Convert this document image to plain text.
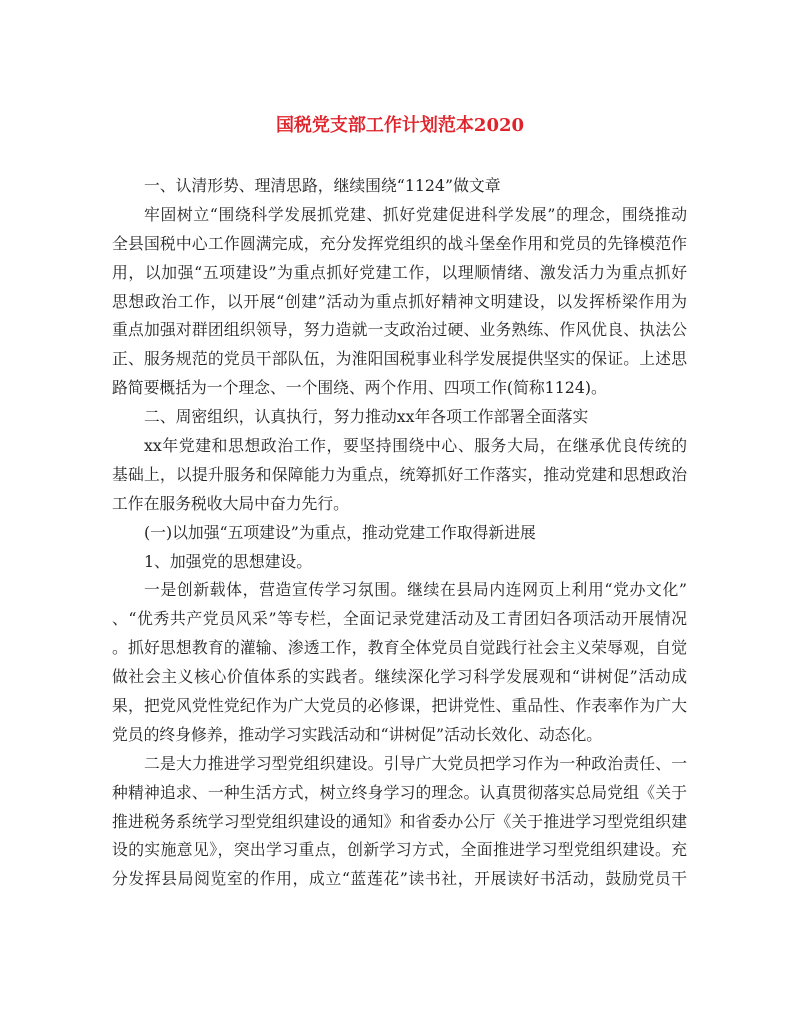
国税党支部工作计划范本2020
一、认清形势、理清思路，继续围绕“1124”做文章
牢固树立“围绕科学发展抓党建、抓好党建促进科学发展”的理念，围绕推动
全县国税中心工作圆满完成，充分发挥党组织的战斗堡垒作用和党员的先锋模范作
用，以加强“五项建设”为重点抓好党建工作，以理顺情绪、激发活力为重点抓好
思想政治工作，以开展“创建”活动为重点抓好精神文明建设，以发挥桥梁作用为
重点加强对群团组织领导，努力造就一支政治过硬、业务熟练、作风优良、执法公
正、服务规范的党员干部队伍，为淮阳国税事业科学发展提供坚实的保证。上述思
路简要概括为一个理念、一个围绕、两个作用、四项工作(简称1124)。
二、周密组织，认真执行，努力推动xx年各项工作部署全面落实
xx年党建和思想政治工作，要坚持围绕中心、服务大局，在继承优良传统的
基础上，以提升服务和保障能力为重点，统筹抓好工作落实，推动党建和思想政治
工作在服务税收大局中奋力先行。
(一)以加强“五项建设”为重点，推动党建工作取得新进展
1、加强党的思想建设。
一是创新载体，营造宣传学习氛围。继续在县局内连网页上利用“党办文化”
、“优秀共产党员风采”等专栏，全面记录党建活动及工青团妇各项活动开展情况
。抓好思想教育的灌输、渗透工作，教育全体党员自觉践行社会主义荣辱观，自觉
做社会主义核心价值体系的实践者。继续深化学习科学发展观和“讲树促”活动成
果，把党风党性党纪作为广大党员的必修课，把讲党性、重品性、作表率作为广大
党员的终身修养，推动学习实践活动和“讲树促”活动长效化、动态化。
二是大力推进学习型党组织建设。引导广大党员把学习作为一种政治责任、一
种精神追求、一种生活方式，树立终身学习的理念。认真贯彻落实总局党组《关于
推进税务系统学习型党组织建设的通知》和省委办公厅《关于推进学习型党组织建
设的实施意见》，突出学习重点，创新学习方式，全面推进学习型党组织建设。充
分发挥县局阅览室的作用，成立“蓝莲花”读书社，开展读好书活动，鼓励党员干
